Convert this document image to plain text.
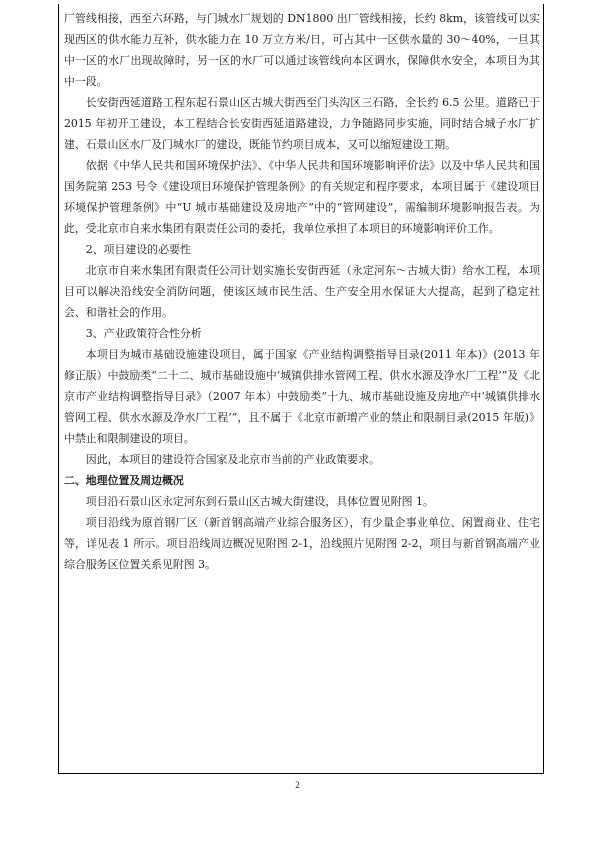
厂管线相接，西至六环路，与门城水厂规划的 DN1800 出厂管线相接，长约 8km，该管线可以实现西区的供水能力互补，供水能力在 10 万立方米/日，可占其中一区供水量的 30～40%，一旦其中一区的水厂出现故障时，另一区的水厂可以通过该管线向本区调水，保障供水安全，本项目为其中一段。

长安街西延道路工程东起石景山区古城大街西至门头沟区三石路，全长约 6.5 公里。道路已于 2015 年初开工建设，本工程结合长安街西延道路建设，力争随路同步实施，同时结合城子水厂扩建、石景山区水厂及门城水厂的建设，既能节约项目成本，又可以缩短建设工期。

依据《中华人民共和国环境保护法》、《中华人民共和国环境影响评价法》以及中华人民共和国国务院第 253 号令《建设项目环境保护管理条例》的有关规定和程序要求，本项目属于《建设项目环境保护管理条例》中“U 城市基础建设及房地产”中的“管网建设”，需编制环境影响报告表。为此，受北京市自来水集团有限责任公司的委托，我单位承担了本项目的环境影响评价工作。

2、项目建设的必要性

北京市自来水集团有限责任公司计划实施长安街西延（永定河东～古城大街）给水工程，本项目可以解决沿线安全消防问题，使该区域市民生活、生产安全用水保证大大提高，起到了稳定社会、和谐社会的作用。

3、产业政策符合性分析

本项目为城市基础设施建设项目，属于国家《产业结构调整指导目录(2011 年本)》(2013 年修正版）中鼓励类“二十二、城市基础设施中‘城镇供排水管网工程、供水水源及净水厂工程’”及《北京市产业结构调整指导目录》（2007 年本）中鼓励类“十九、城市基础设施及房地产中‘城镇供排水管网工程、供水水源及净水厂工程’”，且不属于《北京市新增产业的禁止和限制目录(2015 年版)》中禁止和限制建设的项目。

因此，本项目的建设符合国家及北京市当前的产业政策要求。

二、地理位置及周边概况

项目沿石景山区永定河东到石景山区古城大街建设，具体位置见附图 1。

项目沿线为原首钢厂区（新首钢高端产业综合服务区），有少量企事业单位、闲置商业、住宅等，详见表 1 所示。项目沿线周边概况见附图 2-1，沿线照片见附图 2-2，项目与新首钢高端产业综合服务区位置关系见附图 3。

2
